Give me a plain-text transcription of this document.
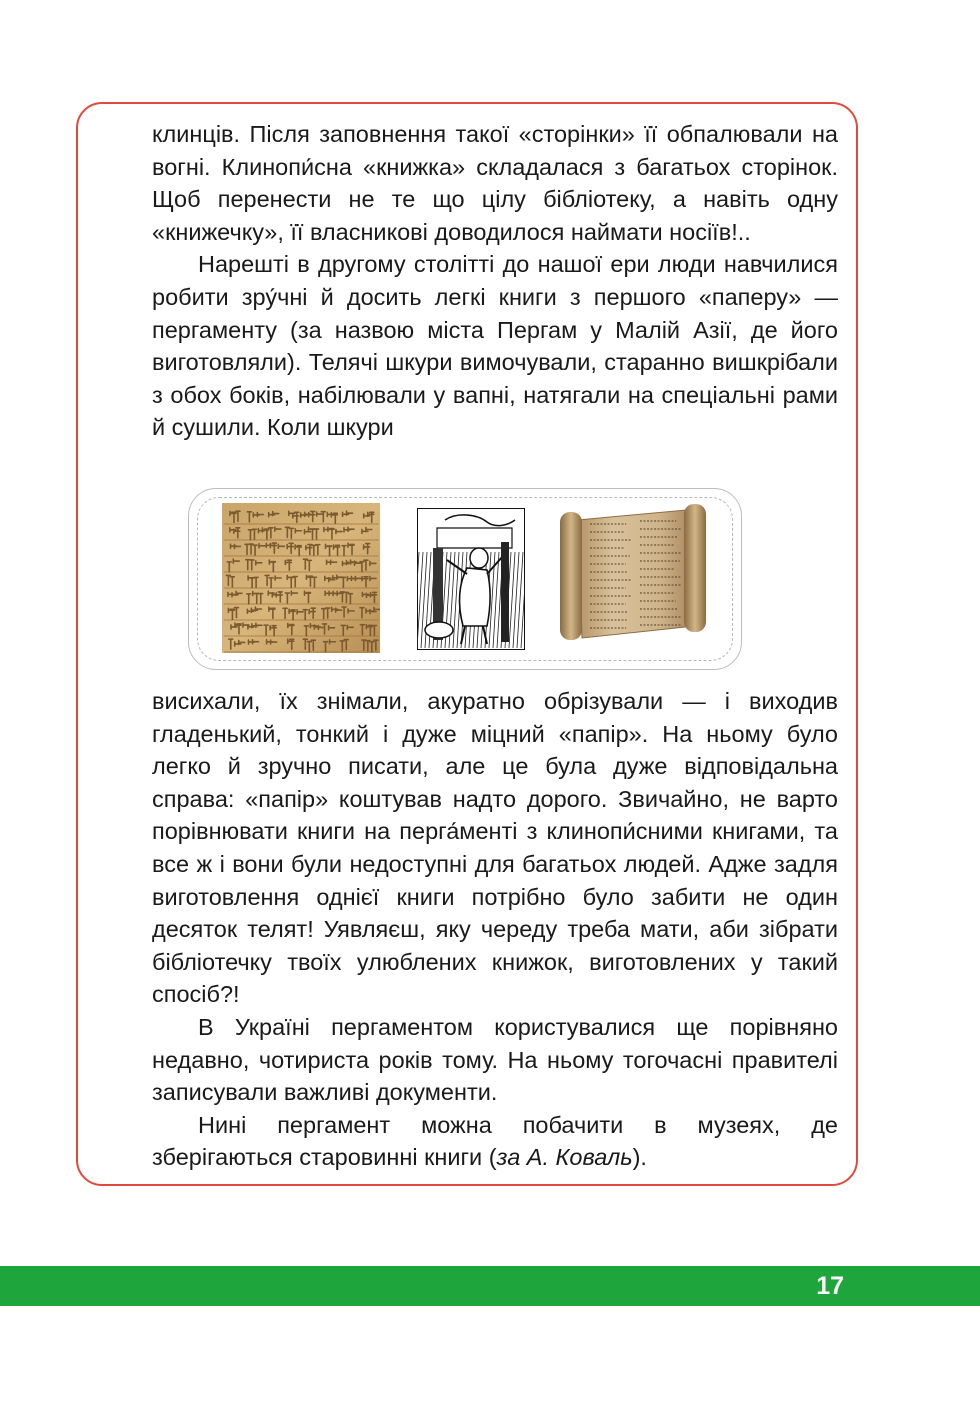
клинців. Після заповнення такої «сторінки» її обпалювали на вогні. Клинопи́сна «книжка» складалася з багатьох сторінок. Щоб перенести не те що цілу бібліотеку, а навіть одну «книжечку», її власникові доводилося наймати носіїв!..

Нарешті в другому столітті до нашої ери люди навчилися робити зру́чні й досить легкі книги з першого «паперу» — пергаменту (за назвою міста Пергам у Малій Азії, де його виготовляли). Телячі шкури вимочували, старанно вишкрібали з обох боків, набілювали у вапні, натягали на спеціальні рами й сушили. Коли шкури

висихали, їх знімали, акуратно обрізували — і виходив гладенький, тонкий і дуже міцний «папір». На ньому було легко й зручно писати, але це була дуже відповідальна справа: «папір» коштував надто дорого. Звичайно, не варто порівнювати книги на перга́менті з клинопи́сними книгами, та все ж і вони були недоступні для багатьох людей. Адже задля виготовлення однієї книги потрібно було забити не один десяток телят! Уявляєш, яку череду треба мати, аби зібрати бібліотечку твоїх улюблених книжок, виготовлених у такий спосіб?!

В Україні пергаментом користувалися ще порівняно недавно, чотириста років тому. На ньому тогочасні правителі записували важливі документи.

Нині пергамент можна побачити в музеях, де зберігаються старовинні книги (за А. Коваль).

17
